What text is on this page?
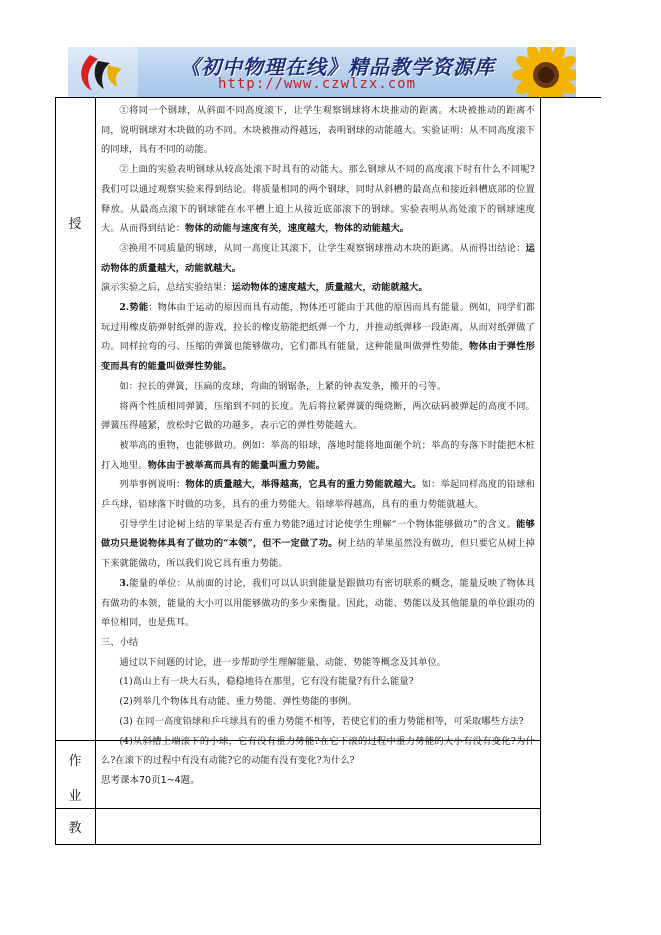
《初中物理在线》精品教学资源库
http://www.czwlzx.com
授
作
业
教

①将同一个钢球，从斜面不同高度滚下，让学生观察钢球将木块推动的距离。木块被推动的距离不同，说明钢球对木块做的功不同。木块被推动得越远，表明钢球的动能越大。实验证明：从不同高度滚下的同球，具有不同的动能。

②上面的实验表明钢球从较高处滚下时具有的动能大。那么钢球从不同的高度滚下时有什么不同呢?我们可以通过观察实验来得到结论。将质量相同的两个钢球，同时从斜槽的最高点和接近斜槽底部的位置释放。从最高点滚下的钢球能在水平槽上追上从接近底部滚下的钢球。实验表明从高处滚下的钢球速度大。从而得到结论：物体的动能与速度有关，速度越大，物体的动能越大。

③换用不同质量的钢球，从同一高度让其滚下，让学生观察钢球推动木块的距离。从而得出结论：运动物体的质量越大，动能就越大。

演示实验之后，总结实验结果：运动物体的速度越大，质量越大，动能就越大。

2.势能：物体由于运动的原因而具有动能，物体还可能由于其他的原因而具有能量。例如，同学们都玩过用橡皮筋弹射纸弹的游戏，拉长的橡皮筋能把纸弹一个力，并推动纸弹移一段距离，从而对纸弹做了功。同样拉弯的弓、压缩的弹簧也能够做功，它们都具有能量，这种能量叫做弹性势能，物体由于弹性形变而具有的能量叫做弹性势能。

如：拉长的弹簧，压扁的皮球，弯曲的钢锯条，上紧的钟表发条，搬开的弓等。

将两个性质相同弹簧，压缩到不同的长度。先后将拉紧弹簧的绳烧断，两次砝码被弹起的高度不同。弹簧压得越紧，放松时它做的功越多，表示它的弹性势能越大。

被举高的重物，也能够做功。例如：举高的铅球，落地时能将地面砸个坑；举高的夯落下时能把木桩打入地里。物体由于被举高而具有的能量叫重力势能。

列举事例说明：物体的质量越大，举得越高，它具有的重力势能就越大。如：举起同样高度的铅球和乒乓球，铅球落下时做的功多，具有的重力势能大。铅球举得越高，具有的重力势能就越大。

引导学生讨论树上结的苹果是否有重力势能?通过讨论使学生理解“一个物体能够做功”的含义。能够做功只是说物体具有了做功的“本领”，但不一定做了功。树上结的苹果虽然没有做功，但只要它从树上掉下来就能做功，所以我们说它具有重力势能。

3.能量的单位：从前面的讨论，我们可以认识到能量是跟做功有密切联系的概念，能量反映了物体具有做功的本领，能量的大小可以用能够做功的多少来衡量。因此，动能、势能以及其他能量的单位跟功的单位相同，也是焦耳。

三、小结

通过以下问题的讨论，进一步帮助学生理解能量、动能、势能等概念及其单位。

(1)高山上有一块大石头，稳稳地待在那里，它有没有能量?有什么能量?

(2)列举几个物体具有动能、重力势能、弹性势能的事例。

(3) 在同一高度铅球和乒乓球具有的重力势能不相等，若使它们的重力势能相等，可采取哪些方法?

(4)从斜槽上端滚下的小球，它有没有重力势能?在它下滚的过程中重力势能的大小有没有变化?为什么?在滚下的过程中有没有动能?它的动能有没有变化?为什么?

思考课本70页1~4题。
